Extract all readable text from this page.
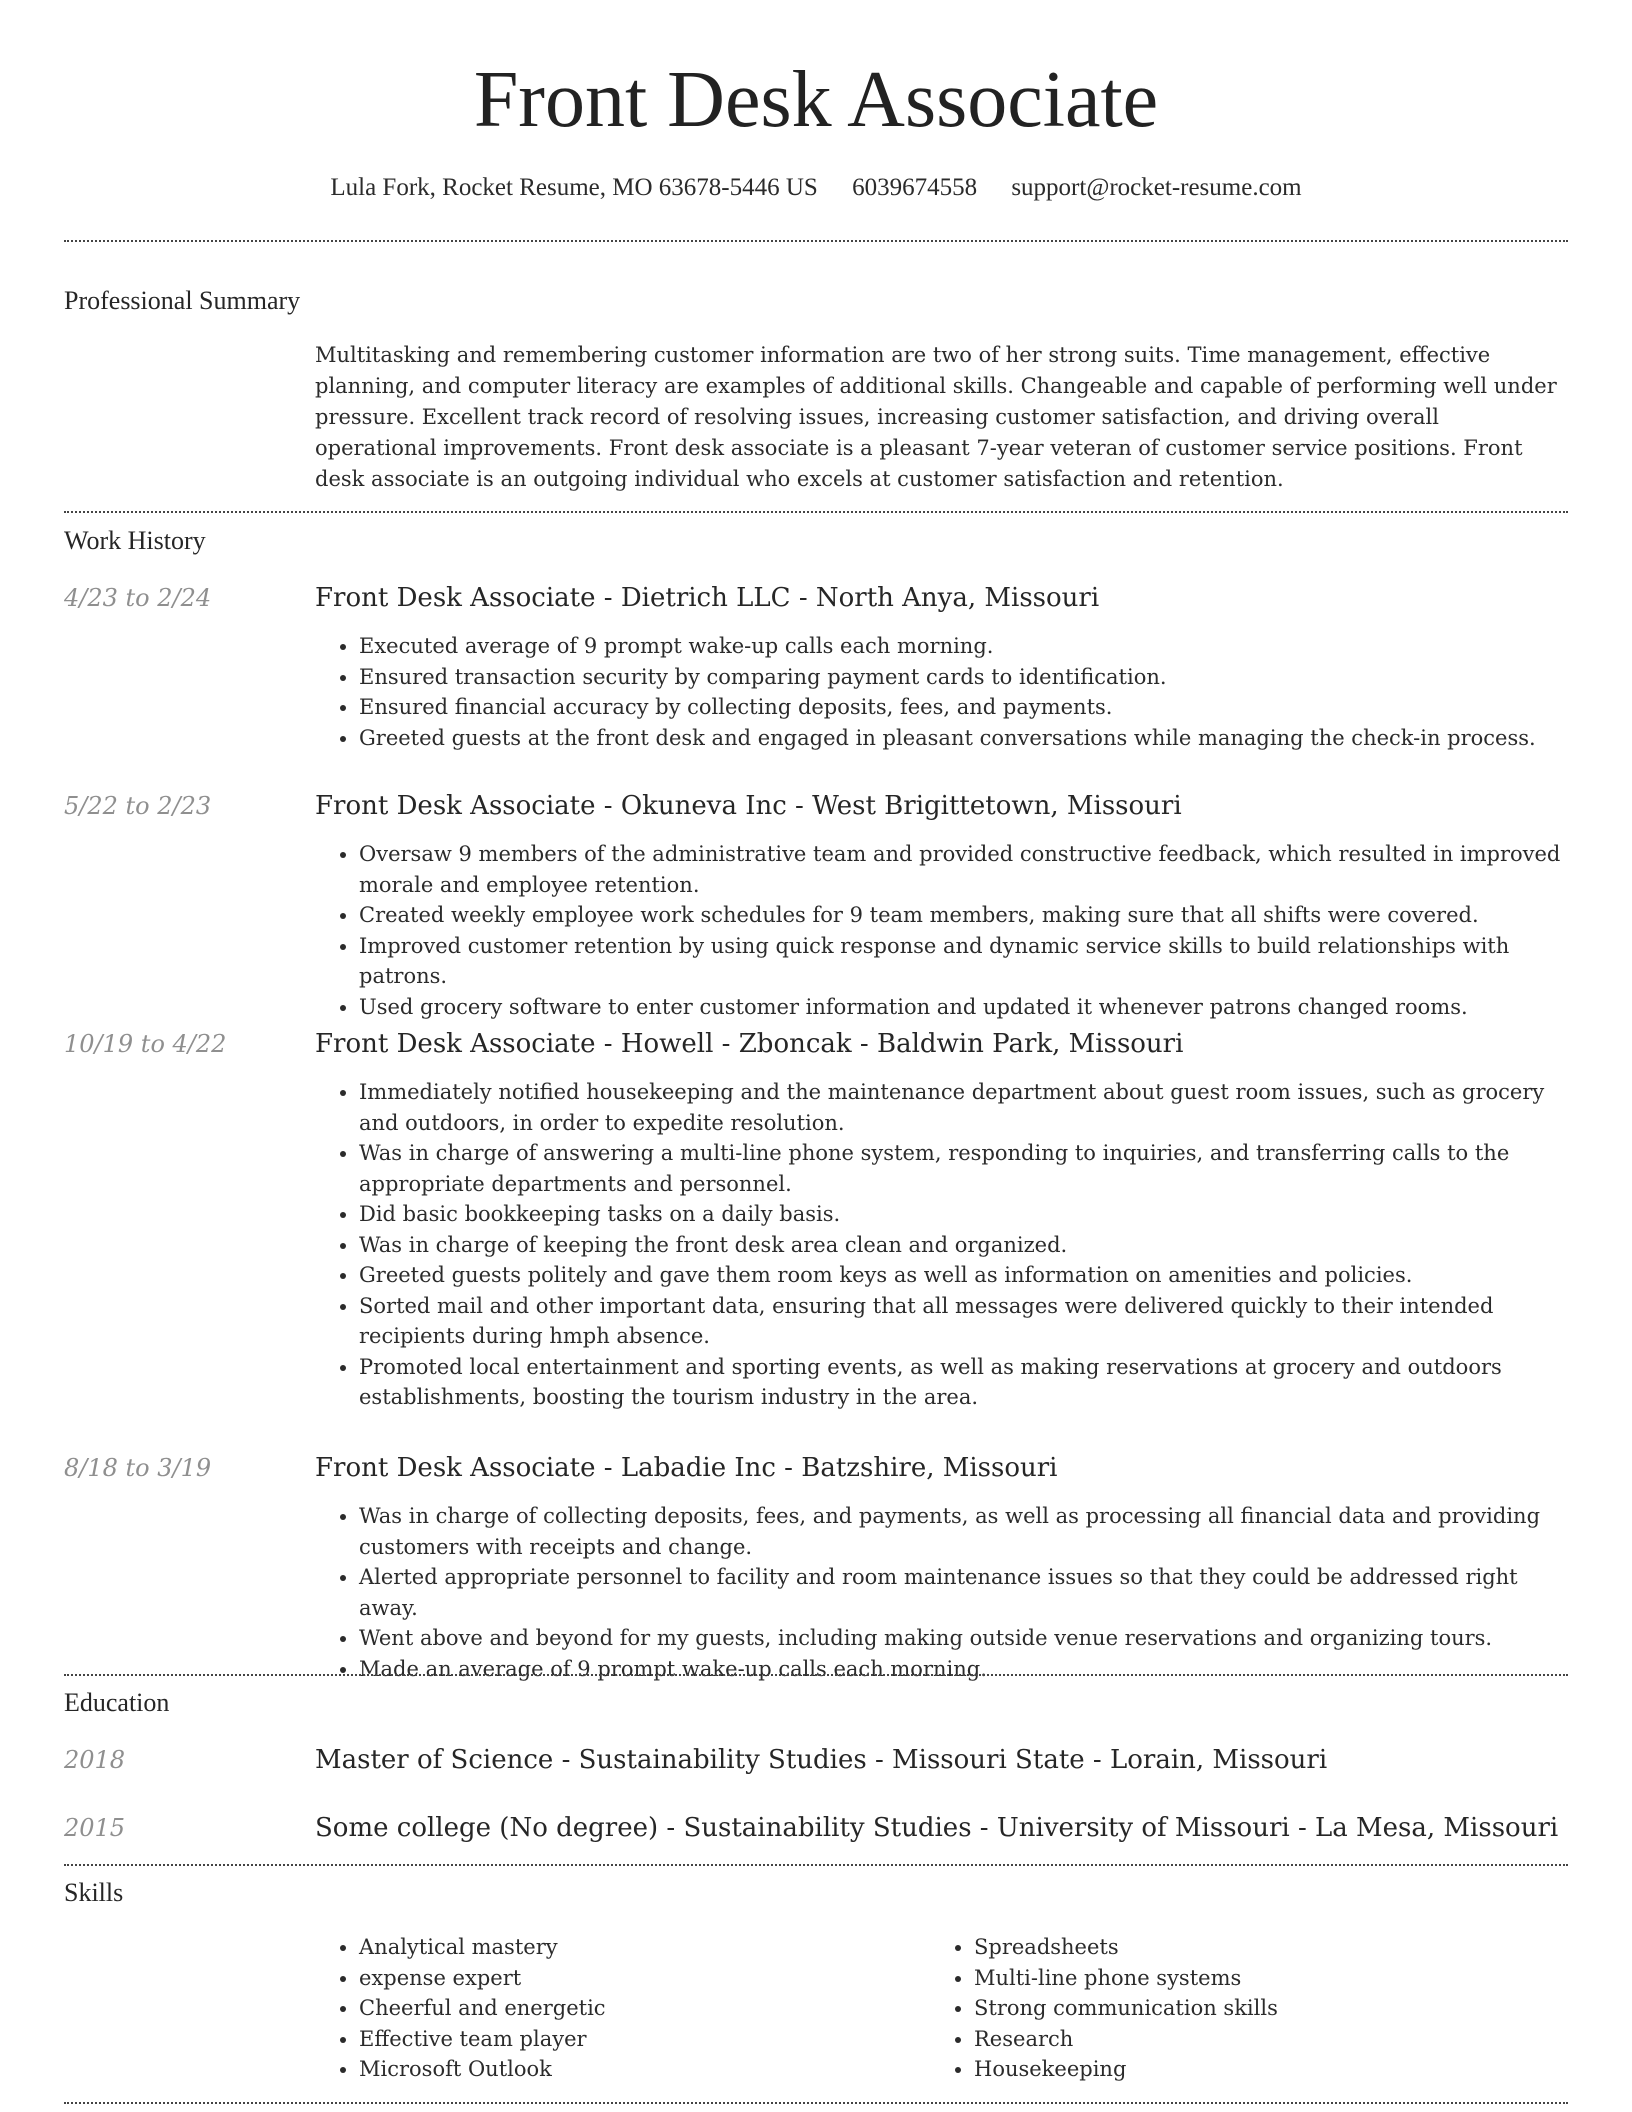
Front Desk Associate
Lula Fork, Rocket Resume, MO 63678-5446 US 6039674558 support@rocket-resume.com
Professional Summary

Multitasking and remembering customer information are two of her strong suits. Time management, effective planning, and computer literacy are examples of additional skills. Changeable and capable of performing well under pressure. Excellent track record of resolving issues, increasing customer satisfaction, and driving overall operational improvements. Front desk associate is a pleasant 7-year veteran of customer service positions. Front desk associate is an outgoing individual who excels at customer satisfaction and retention.

Work History
4/23 to 2/24	Front Desk Associate - Dietrich LLC - North Anya, Missouri
• Executed average of 9 prompt wake-up calls each morning.
• Ensured transaction security by comparing payment cards to identification.
• Ensured financial accuracy by collecting deposits, fees, and payments.
• Greeted guests at the front desk and engaged in pleasant conversations while managing the check-in process.
5/22 to 2/23	Front Desk Associate - Okuneva Inc - West Brigittetown, Missouri
• Oversaw 9 members of the administrative team and provided constructive feedback, which resulted in improved morale and employee retention.
• Created weekly employee work schedules for 9 team members, making sure that all shifts were covered.
• Improved customer retention by using quick response and dynamic service skills to build relationships with patrons.
• Used grocery software to enter customer information and updated it whenever patrons changed rooms.
10/19 to 4/22	Front Desk Associate - Howell - Zboncak - Baldwin Park, Missouri
• Immediately notified housekeeping and the maintenance department about guest room issues, such as grocery and outdoors, in order to expedite resolution.
• Was in charge of answering a multi-line phone system, responding to inquiries, and transferring calls to the appropriate departments and personnel.
• Did basic bookkeeping tasks on a daily basis.
• Was in charge of keeping the front desk area clean and organized.
• Greeted guests politely and gave them room keys as well as information on amenities and policies.
• Sorted mail and other important data, ensuring that all messages were delivered quickly to their intended recipients during hmph absence.
• Promoted local entertainment and sporting events, as well as making reservations at grocery and outdoors establishments, boosting the tourism industry in the area.
8/18 to 3/19	Front Desk Associate - Labadie Inc - Batzshire, Missouri
• Was in charge of collecting deposits, fees, and payments, as well as processing all financial data and providing customers with receipts and change.
• Alerted appropriate personnel to facility and room maintenance issues so that they could be addressed right away.
• Went above and beyond for my guests, including making outside venue reservations and organizing tours.
• Made an average of 9 prompt wake-up calls each morning.
Education
2018	Master of Science - Sustainability Studies - Missouri State - Lorain, Missouri
2015	Some college (No degree) - Sustainability Studies - University of Missouri - La Mesa, Missouri
Skills
• Analytical mastery
• expense expert
• Cheerful and energetic
• Effective team player
• Microsoft Outlook
• Spreadsheets
• Multi-line phone systems
• Strong communication skills
• Research
• Housekeeping
